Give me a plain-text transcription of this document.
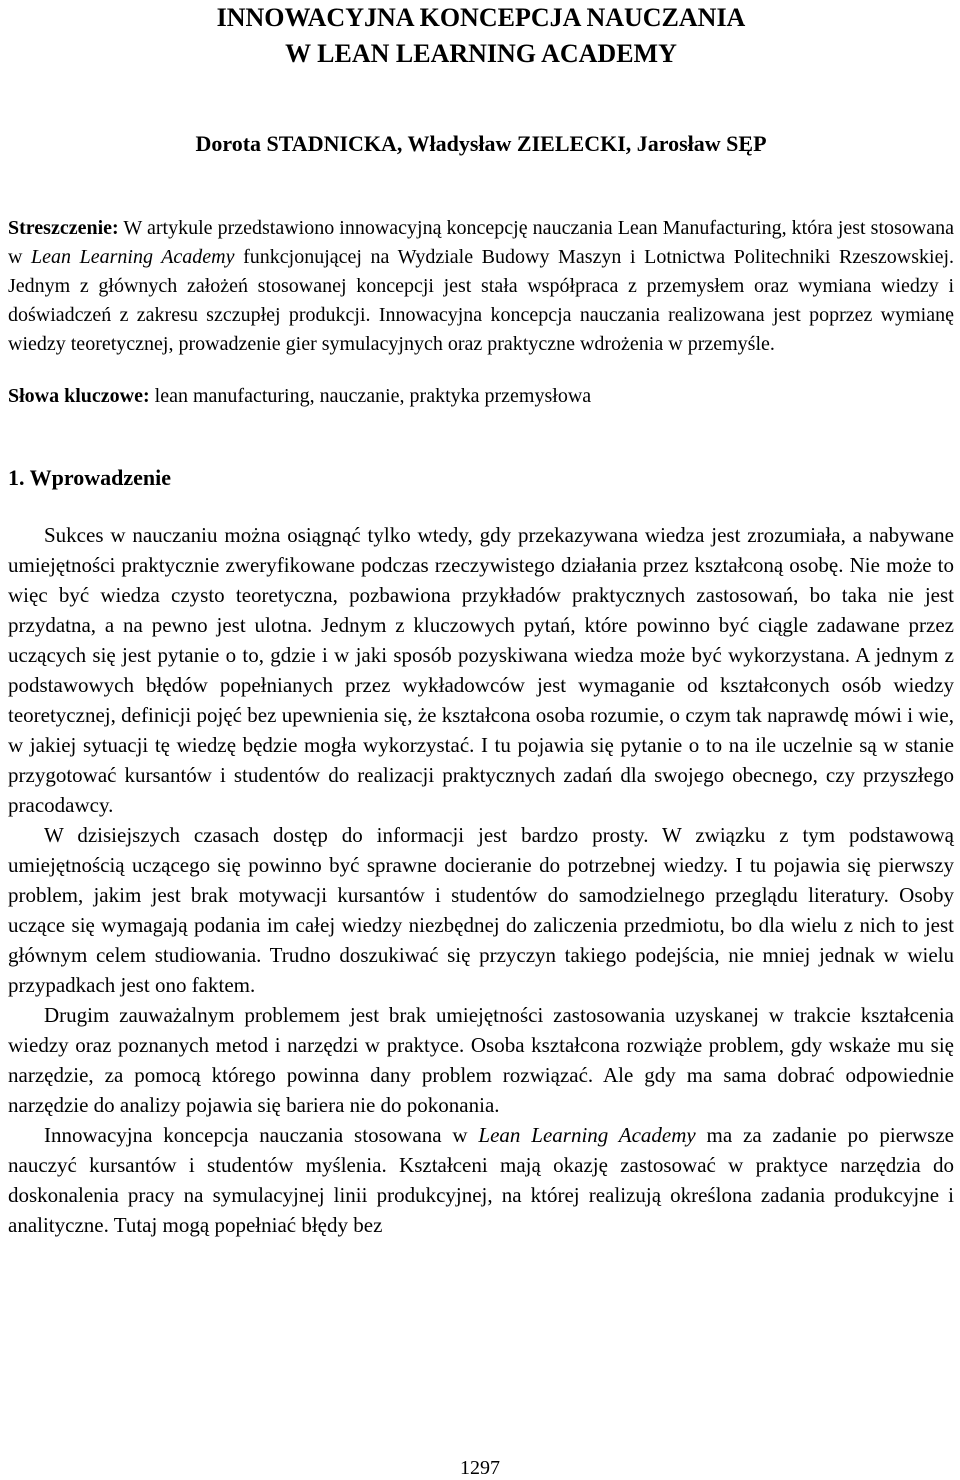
INNOWACYJNA KONCEPCJA NAUCZANIA
W LEAN LEARNING ACADEMY

Dorota STADNICKA, Władysław ZIELECKI, Jarosław SĘP

Streszczenie: W artykule przedstawiono innowacyjną koncepcję nauczania Lean Manufacturing, która jest stosowana w Lean Learning Academy funkcjonującej na Wydziale Budowy Maszyn i Lotnictwa Politechniki Rzeszowskiej. Jednym z głównych założeń stosowanej koncepcji jest stała współpraca z przemysłem oraz wymiana wiedzy i doświadczeń z zakresu szczupłej produkcji. Innowacyjna koncepcja nauczania realizowana jest poprzez wymianę wiedzy teoretycznej, prowadzenie gier symulacyjnych oraz praktyczne wdrożenia w przemyśle.

Słowa kluczowe: lean manufacturing, nauczanie, praktyka przemysłowa

1. Wprowadzenie

Sukces w nauczaniu można osiągnąć tylko wtedy, gdy przekazywana wiedza jest zrozumiała, a nabywane umiejętności praktycznie zweryfikowane podczas rzeczywistego działania przez kształconą osobę. Nie może to więc być wiedza czysto teoretyczna, pozbawiona przykładów praktycznych zastosowań, bo taka nie jest przydatna, a na pewno jest ulotna. Jednym z kluczowych pytań, które powinno być ciągle zadawane przez uczących się jest pytanie o to, gdzie i w jaki sposób pozyskiwana wiedza może być wykorzystana. A jednym z podstawowych błędów popełnianych przez wykładowców jest wymaganie od kształconych osób wiedzy teoretycznej, definicji pojęć bez upewnienia się, że kształcona osoba rozumie, o czym tak naprawdę mówi i wie, w jakiej sytuacji tę wiedzę będzie mogła wykorzystać. I tu pojawia się pytanie o to na ile uczelnie są w stanie przygotować kursantów i studentów do realizacji praktycznych zadań dla swojego obecnego, czy przyszłego pracodawcy.

W dzisiejszych czasach dostęp do informacji jest bardzo prosty. W związku z tym podstawową umiejętnością uczącego się powinno być sprawne docieranie do potrzebnej wiedzy. I tu pojawia się pierwszy problem, jakim jest brak motywacji kursantów i studentów do samodzielnego przeglądu literatury. Osoby uczące się wymagają podania im całej wiedzy niezbędnej do zaliczenia przedmiotu, bo dla wielu z nich to jest głównym celem studiowania. Trudno doszukiwać się przyczyn takiego podejścia, nie mniej jednak w wielu przypadkach jest ono faktem.

Drugim zauważalnym problemem jest brak umiejętności zastosowania uzyskanej w trakcie kształcenia wiedzy oraz poznanych metod i narzędzi w praktyce. Osoba kształcona rozwiąże problem, gdy wskaże mu się narzędzie, za pomocą którego powinna dany problem rozwiązać. Ale gdy ma sama dobrać odpowiednie narzędzie do analizy pojawia się bariera nie do pokonania.

Innowacyjna koncepcja nauczania stosowana w Lean Learning Academy ma za zadanie po pierwsze nauczyć kursantów i studentów myślenia. Kształceni mają okazję zastosować w praktyce narzędzia do doskonalenia pracy na symulacyjnej linii produkcyjnej, na której realizują określona zadania produkcyjne i analityczne. Tutaj mogą popełniać błędy bez

1297
